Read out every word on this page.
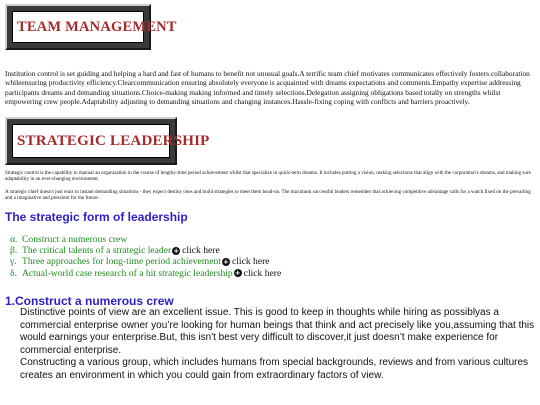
TEAM MANAGEMENT

Institution control is set guiding and helping a hard and fast of humans to benefit not unusual goals.A terrific team chief motivates communicates effectively fosters collaboration whileensuring productivity efficiency.Clearcommunication ensuring absolutely everyone is acquainted with dreams expectations and comments.Empathy expertise addressing participants dreams and demanding situations.Choice-making making informed and timely selections.Delegation assigning obligations based totally on strengths whilst empowering crew people.Adaptability adjusting to demanding situations and changing instances.Hassle-fixing coping with conflicts and barriers proactively.

STRATEGIC LEADERSHIP

Strategic control is the capability to manual an organization in the course of lengthy-time period achievement whilst that specialize in quick-term dreams. It includes putting a vision, making selections that align with the corporation's dreams, and making sure adaptability in an ever-changing environment.

A strategic chief doesn't just react to instant demanding situations - they expect destiny ones and build strategies to meet them head-on. The maximum successful leaders remember that achieving competitive advantage calls for a watch fixed on the prevailing and a imaginative and prescient for the future.

The strategic form of leadership
α. Construct a numerous crew
β. The critical talents of a strategic leader + click here
γ. Three approaches for long-time period achievement + click here
δ. Actual-world case research of a hit strategic leadership + click here
1.Construct a numerous crew

Distinctive points of view are an excellent issue. This is good to keep in thoughts while hiring as possiblyas a commercial enterprise owner you’re looking for human beings that think and act precisely like you,assuming that this would earnings your enterprise.But, this isn't best very difficult to discover,it just doesn’t make experience for commercial enterprise.

Constructing a various group, which includes humans from special backgrounds, reviews and from various cultures

creates an environment in which you could gain from extraordinary factors of view.
